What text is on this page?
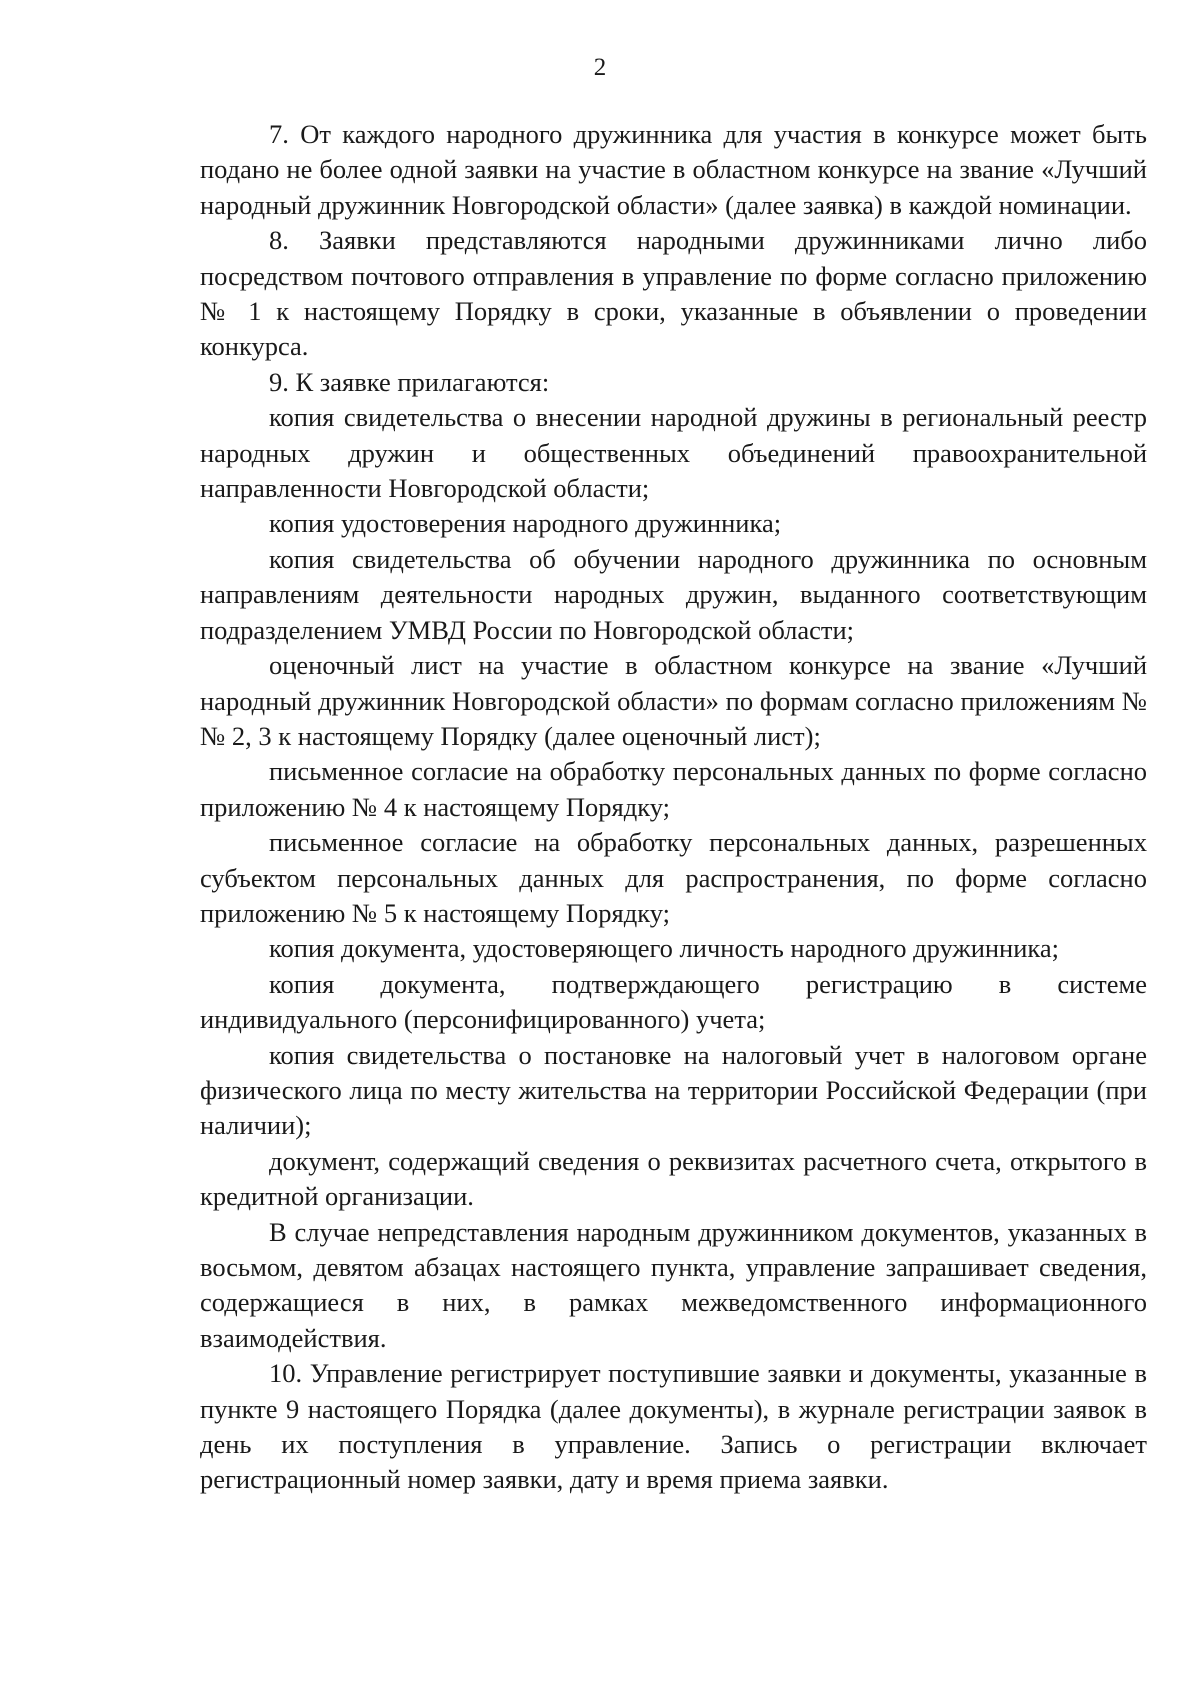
2

7. От каждого народного дружинника для участия в конкурсе может быть подано не более одной заявки на участие в областном конкурсе на звание «Лучший народный дружинник Новгородской области» (далее заявка) в каждой номинации.

8. Заявки представляются народными дружинниками лично либо посредством почтового отправления в управление по форме согласно приложению № 1 к настоящему Порядку в сроки, указанные в объявлении о проведении конкурса.

9. К заявке прилагаются:

копия свидетельства о внесении народной дружины в региональный реестр народных дружин и общественных объединений правоохранительной направленности Новгородской области;

копия удостоверения народного дружинника;

копия свидетельства об обучении народного дружинника по основным направлениям деятельности народных дружин, выданного соответствующим подразделением УМВД России по Новгородской области;

оценочный лист на участие в областном конкурсе на звание «Лучший народный дружинник Новгородской области» по формам согласно приложениям №№ 2, 3 к настоящему Порядку (далее оценочный лист);

письменное согласие на обработку персональных данных по форме согласно приложению № 4 к настоящему Порядку;

письменное согласие на обработку персональных данных, разрешенных субъектом персональных данных для распространения, по форме согласно приложению № 5 к настоящему Порядку;

копия документа, удостоверяющего личность народного дружинника;

копия документа, подтверждающего регистрацию в системе индивидуального (персонифицированного) учета;

копия свидетельства о постановке на налоговый учет в налоговом органе физического лица по месту жительства на территории Российской Федерации (при наличии);

документ, содержащий сведения о реквизитах расчетного счета, открытого в кредитной организации.

В случае непредставления народным дружинником документов, указанных в восьмом, девятом абзацах настоящего пункта, управление запрашивает сведения, содержащиеся в них, в рамках межведомственного информационного взаимодействия.

10. Управление регистрирует поступившие заявки и документы, указанные в пункте 9 настоящего Порядка (далее документы), в журнале регистрации заявок в день их поступления в управление. Запись о регистрации включает регистрационный номер заявки, дату и время приема заявки.
